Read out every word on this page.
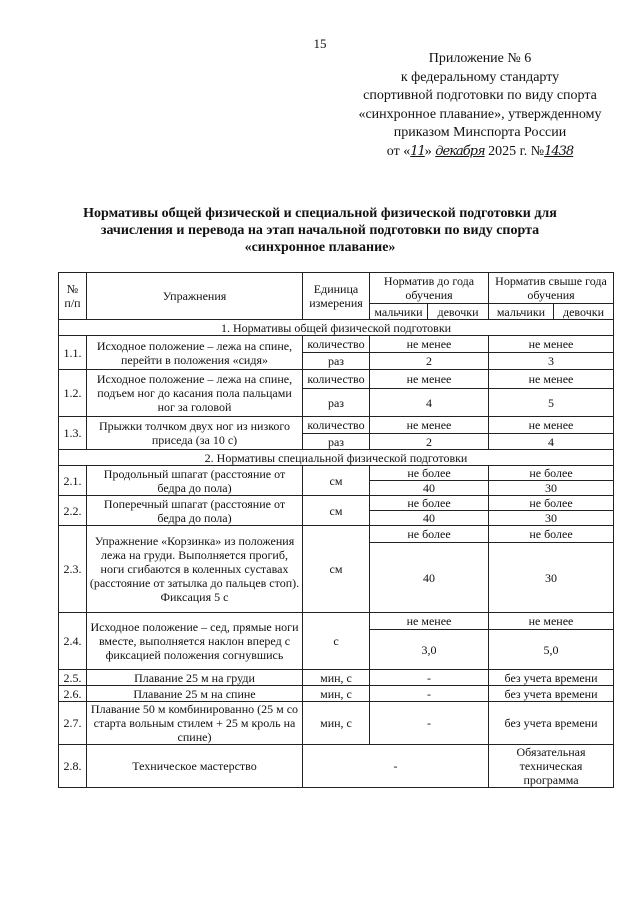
15
Приложение № 6
к федеральному стандарту
спортивной подготовки по виду спорта
«синхронное плавание», утвержденному
приказом Минспорта России
от «11» декабря 2025 г. №1438
Нормативы общей физической и специальной физической подготовки для зачисления и перевода на этап начальной подготовки по виду спорта «синхронное плавание»
№ п/п	Упражнения	Единица измерения	Норматив до года обучения		Норматив свыше года обучения	
			мальчики	девочки	мальчики	девочки
1. Нормативы общей физической подготовки						
1.1.	Исходное положение – лежа на спине, перейти в положения «сидя»	количество	не менее		не менее	
		раз	2		3	
1.2.	Исходное положение – лежа на спине, подъем ног до касания пола пальцами ног за головой	количество	не менее		не менее	
		раз	4		5	
1.3.	Прыжки толчком двух ног из низкого приседа (за 10 с)	количество	не менее		не менее	
		раз	2		4	
2. Нормативы специальной физической подготовки						
2.1.	Продольный шпагат (расстояние от бедра до пола)	см	не более		не более	
			40		30	
2.2.	Поперечный шпагат (расстояние от бедра до пола)	см	не более		не более	
			40		30	
2.3.	Упражнение «Корзинка» из положения лежа на груди. Выполняется прогиб, ноги сгибаются в коленных суставах (расстояние от затылка до пальцев стоп). Фиксация 5 с	см	не более		не более	
			40		30	
2.4.	Исходное положение – сед, прямые ноги вместе, выполняется наклон вперед с фиксацией положения согнувшись	с	не менее		не менее	
			3,0		5,0	
2.5.	Плавание 25 м на груди	мин, с	-		без учета времени	
2.6.	Плавание 25 м на спине	мин, с	-		без учета времени	
2.7.	Плавание 50 м комбинированно (25 м со старта вольным стилем + 25 м кроль на спине)	мин, с	-		без учета времени	
2.8.	Техническое мастерство	-			Обязательная техническая программа	
